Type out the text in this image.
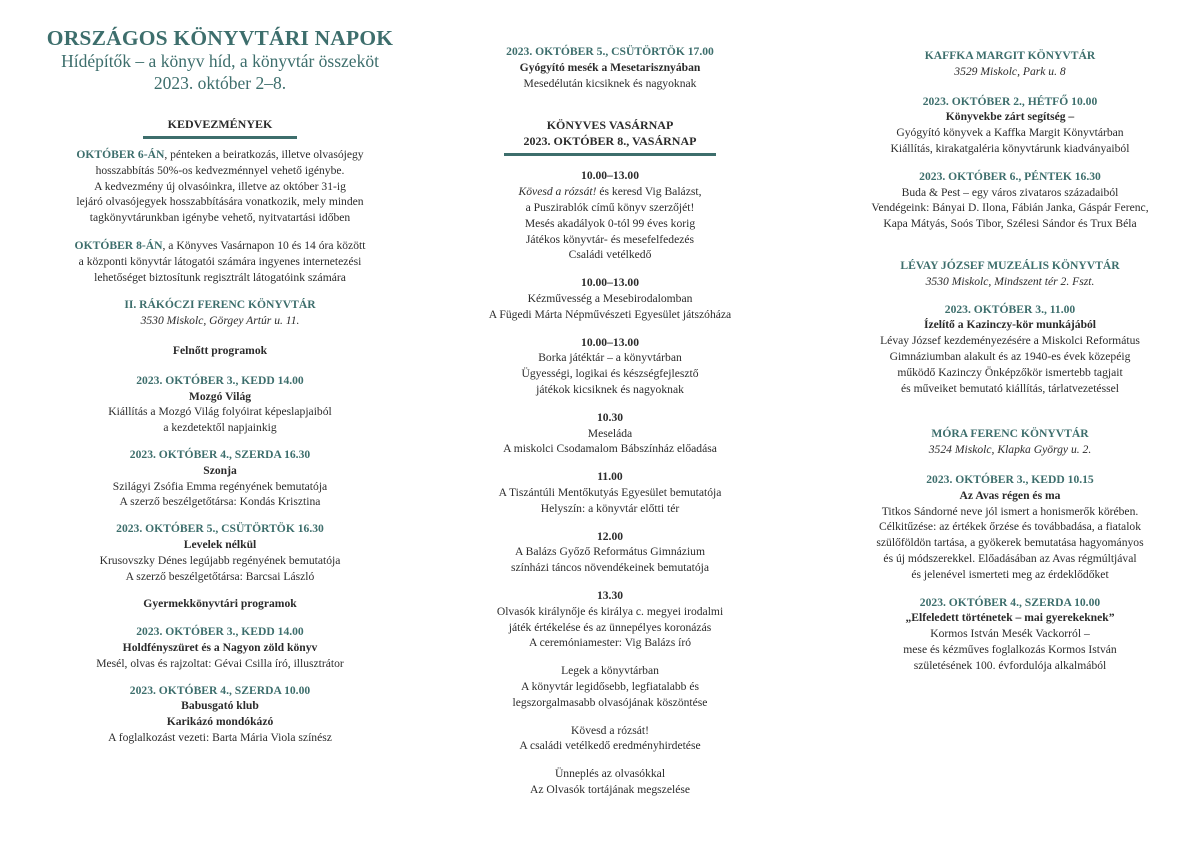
ORSZÁGOS KÖNYVTÁRI NAPOK
Hídépítők – a könyv híd, a könyvtár összeköt
2023. október 2–8.
KEDVEZMÉNYEK

OKTÓBER 6-ÁN, pénteken a beiratkozás, illetve olvasójegy

hosszabbítás 50%-os kedvezménnyel vehető igénybe.

A kedvezmény új olvasóinkra, illetve az október 31-ig

lejáró olvasójegyek hosszabbítására vonatkozik, mely minden

tagkönyvtárunkban igénybe vehető, nyitvatartási időben

OKTÓBER 8-ÁN, a Könyves Vasárnapon 10 és 14 óra között

a központi könyvtár látogatói számára ingyenes internetezési

lehetőséget biztosítunk regisztrált látogatóink számára

II. RÁKÓCZI FERENC KÖNYVTÁR

3530 Miskolc, Görgey Artúr u. 11.

Felnőtt programok

2023. OKTÓBER 3., KEDD 14.00

Mozgó Világ

Kiállítás a Mozgó Világ folyóirat képeslapjaiból

a kezdetektől napjainkig

2023. OKTÓBER 4., SZERDA 16.30

Szonja

Szilágyi Zsófia Emma regényének bemutatója

A szerző beszélgetőtársa: Kondás Krisztina

2023. OKTÓBER 5., CSÜTÖRTÖK 16.30

Levelek nélkül

Krusovszky Dénes legújabb regényének bemutatója

A szerző beszélgetőtársa: Barcsai László

Gyermekkönyvtári programok

2023. OKTÓBER 3., KEDD 14.00

Holdfényszüret és a Nagyon zöld könyv

Mesél, olvas és rajzoltat: Gévai Csilla író, illusztrátor

2023. OKTÓBER 4., SZERDA 10.00

Babusgató klub

Karikázó mondókázó

A foglalkozást vezeti: Barta Mária Viola színész

2023. OKTÓBER 5., CSÜTÖRTÖK 17.00

Gyógyító mesék a Mesetarisznyában

Mesedélután kicsiknek és nagyoknak

KÖNYVES VASÁRNAP

2023. OKTÓBER 8., VASÁRNAP

10.00–13.00

Kövesd a rózsát! és keresd Vig Balázst,

a Puszirablók című könyv szerzőjét!

Mesés akadályok 0-tól 99 éves korig

Játékos könyvtár- és mesefelfedezés

Családi vetélkedő

10.00–13.00

Kézművesség a Mesebirodalomban

A Fügedi Márta Népművészeti Egyesület játszóháza

10.00–13.00

Borka játéktár – a könyvtárban

Ügyességi, logikai és készségfejlesztő

játékok kicsiknek és nagyoknak

10.30

Meseláda

A miskolci Csodamalom Bábszínház előadása

11.00

A Tiszántúli Mentőkutyás Egyesület bemutatója

Helyszín: a könyvtár előtti tér

12.00

A Balázs Győző Református Gimnázium

színházi táncos növendékeinek bemutatója

13.30

Olvasók királynője és királya c. megyei irodalmi

játék értékelése és az ünnepélyes koronázás

A ceremóniamester: Vig Balázs író

Legek a könyvtárban

A könyvtár legidősebb, legfiatalabb és

legszorgalmasabb olvasójának köszöntése

Kövesd a rózsát!

A családi vetélkedő eredményhirdetése

Ünneplés az olvasókkal

Az Olvasók tortájának megszelése

KAFFKA MARGIT KÖNYVTÁR

3529 Miskolc, Park u. 8

2023. OKTÓBER 2., HÉTFŐ 10.00

Könyvekbe zárt segítség –

Gyógyító könyvek a Kaffka Margit Könyvtárban

Kiállítás, kirakatgaléria könyvtárunk kiadványaiból

2023. OKTÓBER 6., PÉNTEK 16.30

Buda & Pest – egy város zivataros századaiból

Vendégeink: Bányai D. Ilona, Fábián Janka, Gáspár Ferenc,

Kapa Mátyás, Soós Tibor, Szélesi Sándor és Trux Béla

LÉVAY JÓZSEF MUZEÁLIS KÖNYVTÁR

3530 Miskolc, Mindszent tér 2. Fszt.

2023. OKTÓBER 3., 11.00

Ízelítő a Kazinczy-kör munkájából

Lévay József kezdeményezésére a Miskolci Református

Gimnáziumban alakult és az 1940-es évek közepéig

működő Kazinczy Önképzőkör ismertebb tagjait

és műveiket bemutató kiállítás, tárlatvezetéssel

MÓRA FERENC KÖNYVTÁR

3524 Miskolc, Klapka György u. 2.

2023. OKTÓBER 3., KEDD 10.15

Az Avas régen és ma

Titkos Sándorné neve jól ismert a honismerők körében.

Célkitűzése: az értékek őrzése és továbbadása, a fiatalok

szülőföldön tartása, a gyökerek bemutatása hagyományos

és új módszerekkel. Előadásában az Avas régmúltjával

és jelenével ismerteti meg az érdeklődőket

2023. OKTÓBER 4., SZERDA 10.00

„Elfeledett történetek – mai gyerekeknek”

Kormos István Mesék Vackorról –

mese és kézműves foglalkozás Kormos István

születésének 100. évfordulója alkalmából
